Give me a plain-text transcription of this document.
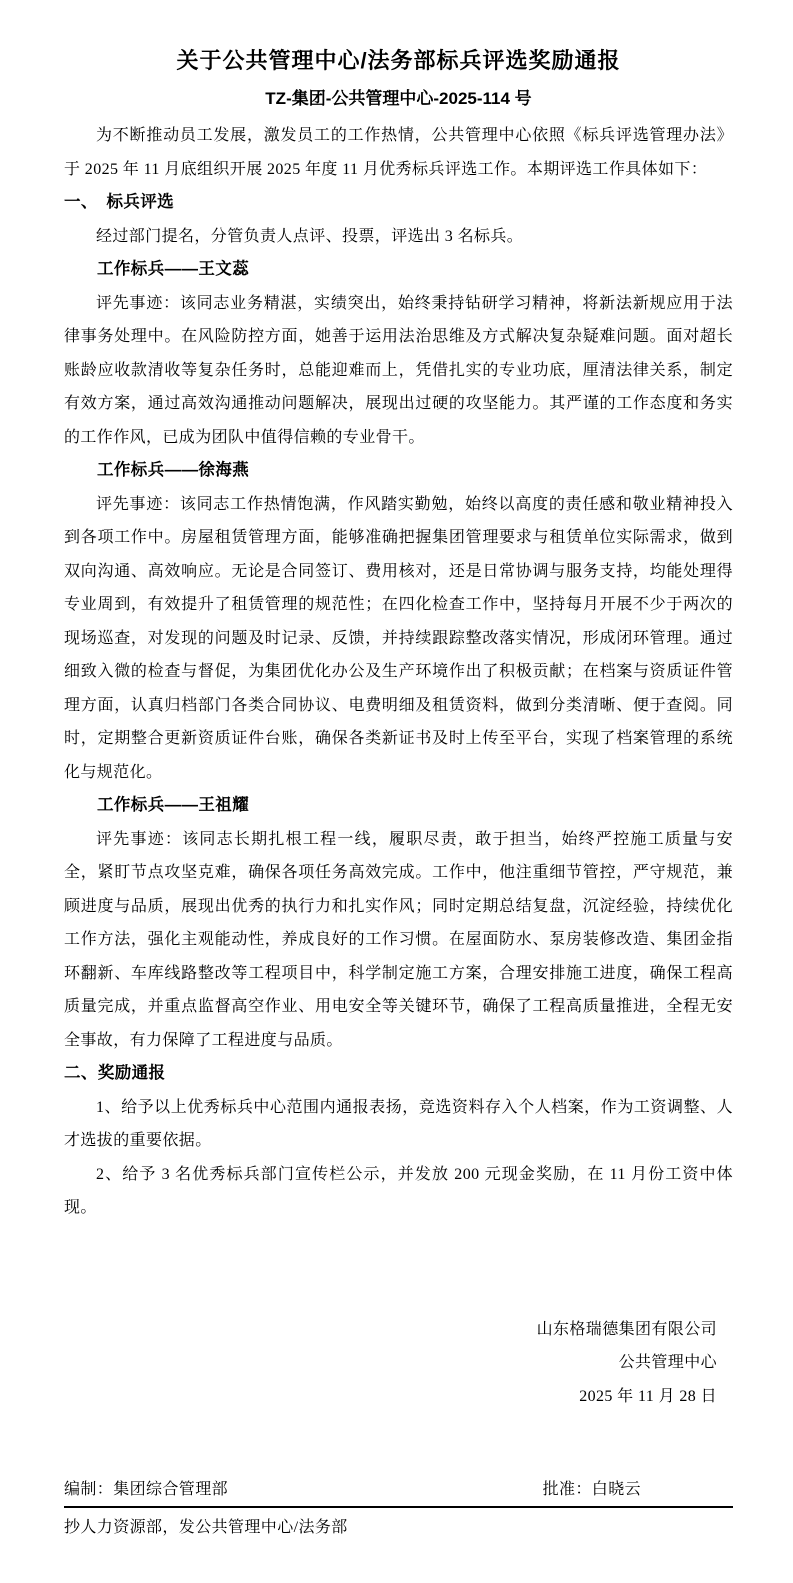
关于公共管理中心/法务部标兵评选奖励通报
TZ-集团-公共管理中心-2025-114 号

为不断推动员工发展，激发员工的工作热情，公共管理中心依照《标兵评选管理办法》于 2025 年 11 月底组织开展 2025 年度 11 月优秀标兵评选工作。本期评选工作具体如下：

一、 标兵评选

经过部门提名，分管负责人点评、投票，评选出 3 名标兵。

工作标兵——王文蕊

评先事迹：该同志业务精湛，实绩突出，始终秉持钻研学习精神，将新法新规应用于法律事务处理中。在风险防控方面，她善于运用法治思维及方式解决复杂疑难问题。面对超长账龄应收款清收等复杂任务时，总能迎难而上，凭借扎实的专业功底，厘清法律关系，制定有效方案，通过高效沟通推动问题解决，展现出过硬的攻坚能力。其严谨的工作态度和务实的工作作风，已成为团队中值得信赖的专业骨干。

工作标兵——徐海燕

评先事迹：该同志工作热情饱满，作风踏实勤勉，始终以高度的责任感和敬业精神投入到各项工作中。房屋租赁管理方面，能够准确把握集团管理要求与租赁单位实际需求，做到双向沟通、高效响应。无论是合同签订、费用核对，还是日常协调与服务支持，均能处理得专业周到，有效提升了租赁管理的规范性；在四化检查工作中，坚持每月开展不少于两次的现场巡查，对发现的问题及时记录、反馈，并持续跟踪整改落实情况，形成闭环管理。通过细致入微的检查与督促，为集团优化办公及生产环境作出了积极贡献；在档案与资质证件管理方面，认真归档部门各类合同协议、电费明细及租赁资料，做到分类清晰、便于查阅。同时，定期整合更新资质证件台账，确保各类新证书及时上传至平台，实现了档案管理的系统化与规范化。

工作标兵——王祖耀

评先事迹：该同志长期扎根工程一线，履职尽责，敢于担当，始终严控施工质量与安全，紧盯节点攻坚克难，确保各项任务高效完成。工作中，他注重细节管控，严守规范，兼顾进度与品质，展现出优秀的执行力和扎实作风；同时定期总结复盘，沉淀经验，持续优化工作方法，强化主观能动性，养成良好的工作习惯。在屋面防水、泵房装修改造、集团金指环翻新、车库线路整改等工程项目中，科学制定施工方案，合理安排施工进度，确保工程高质量完成，并重点监督高空作业、用电安全等关键环节，确保了工程高质量推进，全程无安全事故，有力保障了工程进度与品质。

二、奖励通报

1、给予以上优秀标兵中心范围内通报表扬，竞选资料存入个人档案，作为工资调整、人才选拔的重要依据。

2、给予 3 名优秀标兵部门宣传栏公示，并发放 200 元现金奖励，在 11 月份工资中体现。

山东格瑞德集团有限公司
公共管理中心
2025 年 11 月 28 日
编制：集团综合管理部	批准：白晓云
抄人力资源部，发公共管理中心/法务部
